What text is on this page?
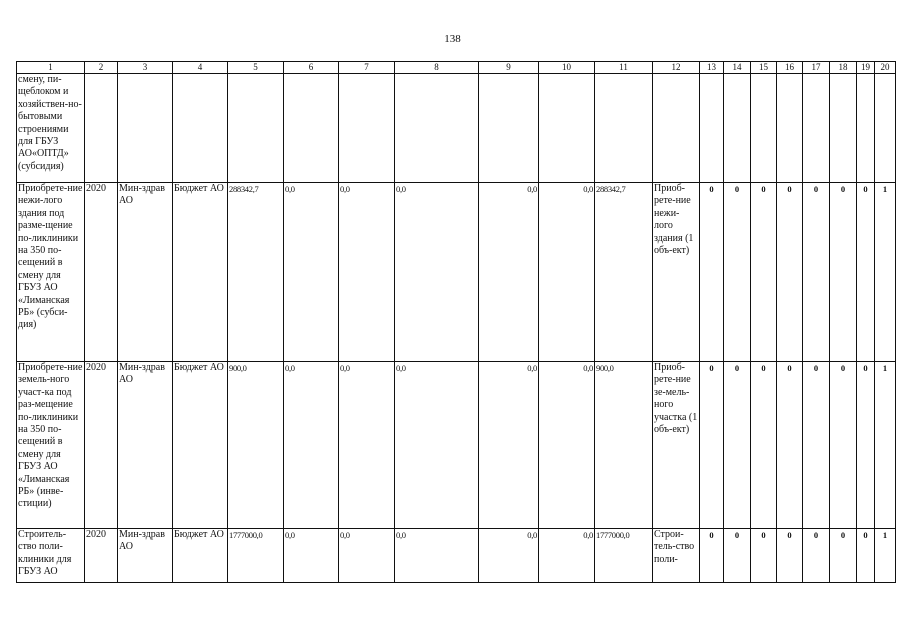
138
1	2	3	4	5	6	7	8	9	10	11	12	13	14	15	16	17	18	19	20
смену, пи-щеблоком и хозяйствен-но-бытовыми строениями для ГБУЗ АО«ОПТД» (субсидия)																			
Приобрете-ние нежи-лого здания под разме-щение по-ликлиники на 350 по-сещений в смену для ГБУЗ АО «Лиманская РБ» (субси-дия)	2020	Мин-здрав АО	Бюджет АО	288342,7	0,0	0,0	0,0	0,0	0,0	288342,7	Приоб-рете-ние нежи-лого здания (1 объ-ект)	0	0	0	0	0	0	0	1
Приобрете-ние земель-ного участ-ка под раз-мещение по-ликлиники на 350 по-сещений в смену для ГБУЗ АО «Лиманская РБ» (инве-стиции)	2020	Мин-здрав АО	Бюджет АО	900,0	0,0	0,0	0,0	0,0	0,0	900,0	Приоб-рете-ние зе-мель-ного участка (1 объ-ект)	0	0	0	0	0	0	0	1
Строитель-ство поли-клиники для ГБУЗ АО	2020	Мин-здрав АО	Бюджет АО	1777000,0	0,0	0,0	0,0	0,0	0,0	1777000,0	Строи-тель-ство поли-	0	0	0	0	0	0	0	1
